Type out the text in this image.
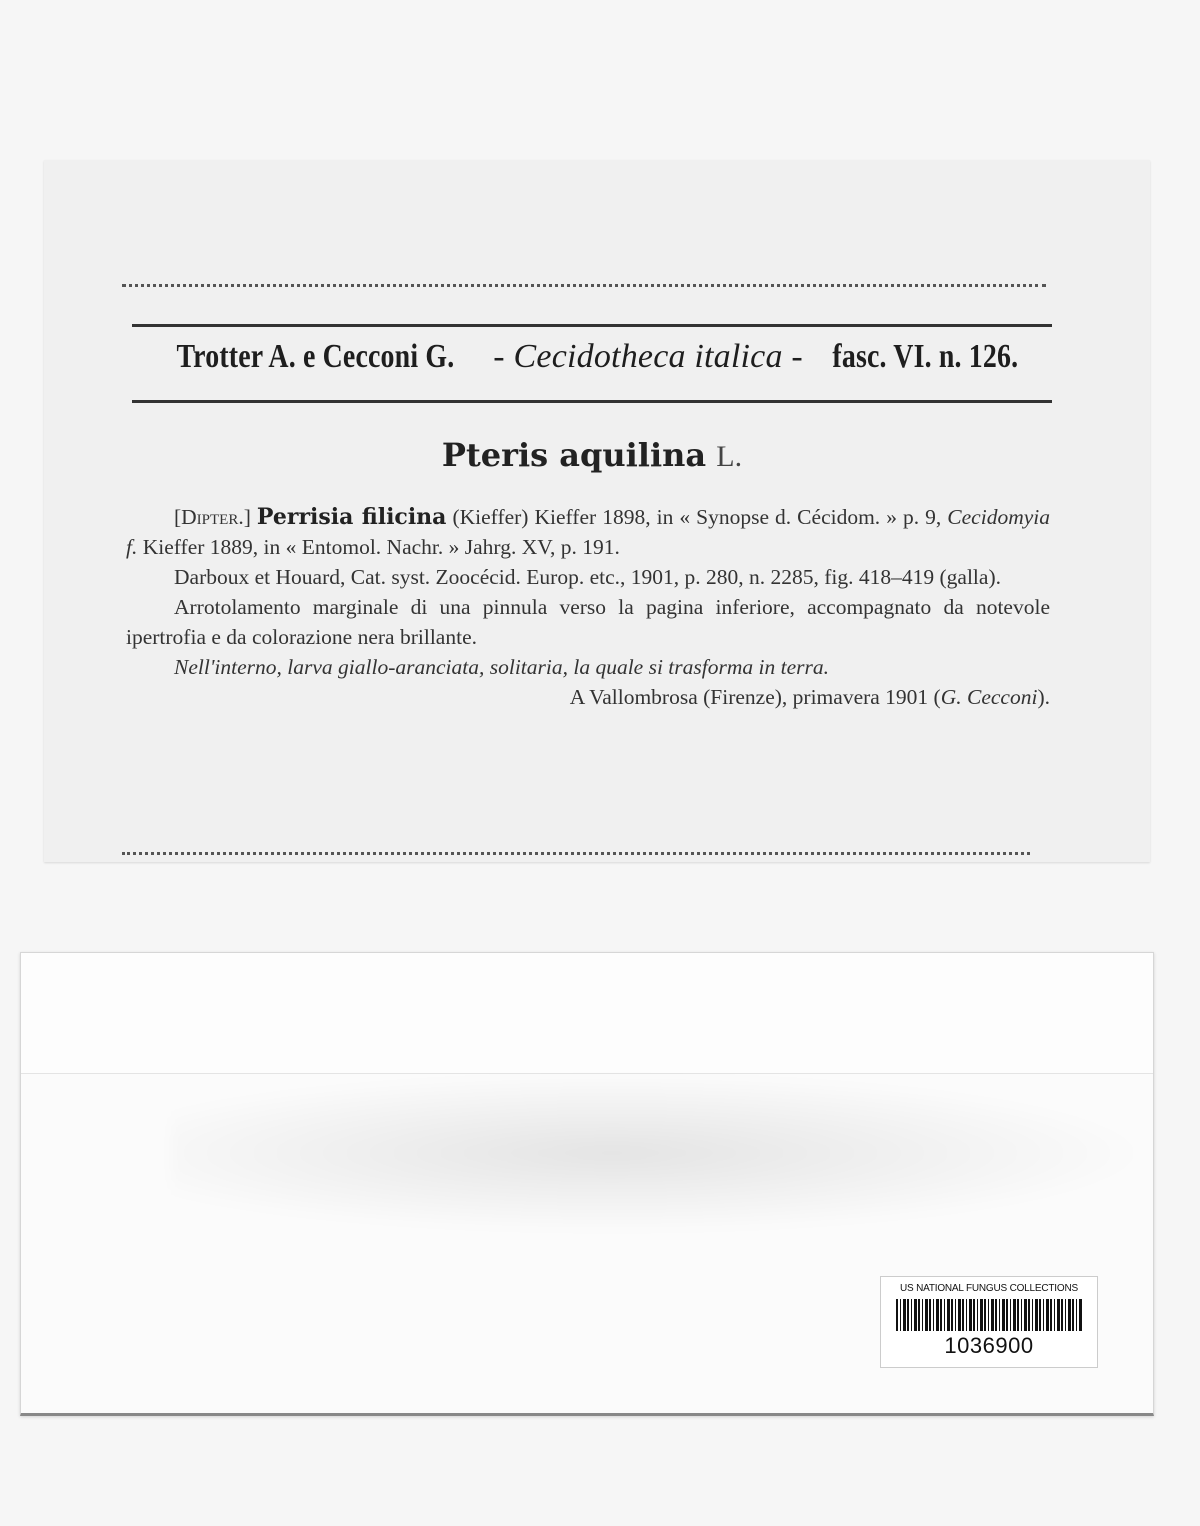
Trotter A. e Cecconi G. - Cecidotheca italica - fasc. VI. n. 126.
Pteris aquilina L.

[Dipter.] Perrisia filicina (Kieffer) Kieffer 1898, in « Synopse d. Cécidom. » p. 9, Cecidomyia f. Kieffer 1889, in « Entomol. Nachr. » Jahrg. XV, p. 191.

Darboux et Houard, Cat. syst. Zoocécid. Europ. etc., 1901, p. 280, n. 2285, fig. 418–419 (galla).

Arrotolamento marginale di una pinnula verso la pagina inferiore, accompagnato da notevole ipertrofia e da colorazione nera brillante.

Nell'interno, larva giallo-aranciata, solitaria, la quale si trasforma in terra.

A Vallombrosa (Firenze), primavera 1901 (G. Cecconi).

US NATIONAL FUNGUS COLLECTIONS
1036900
